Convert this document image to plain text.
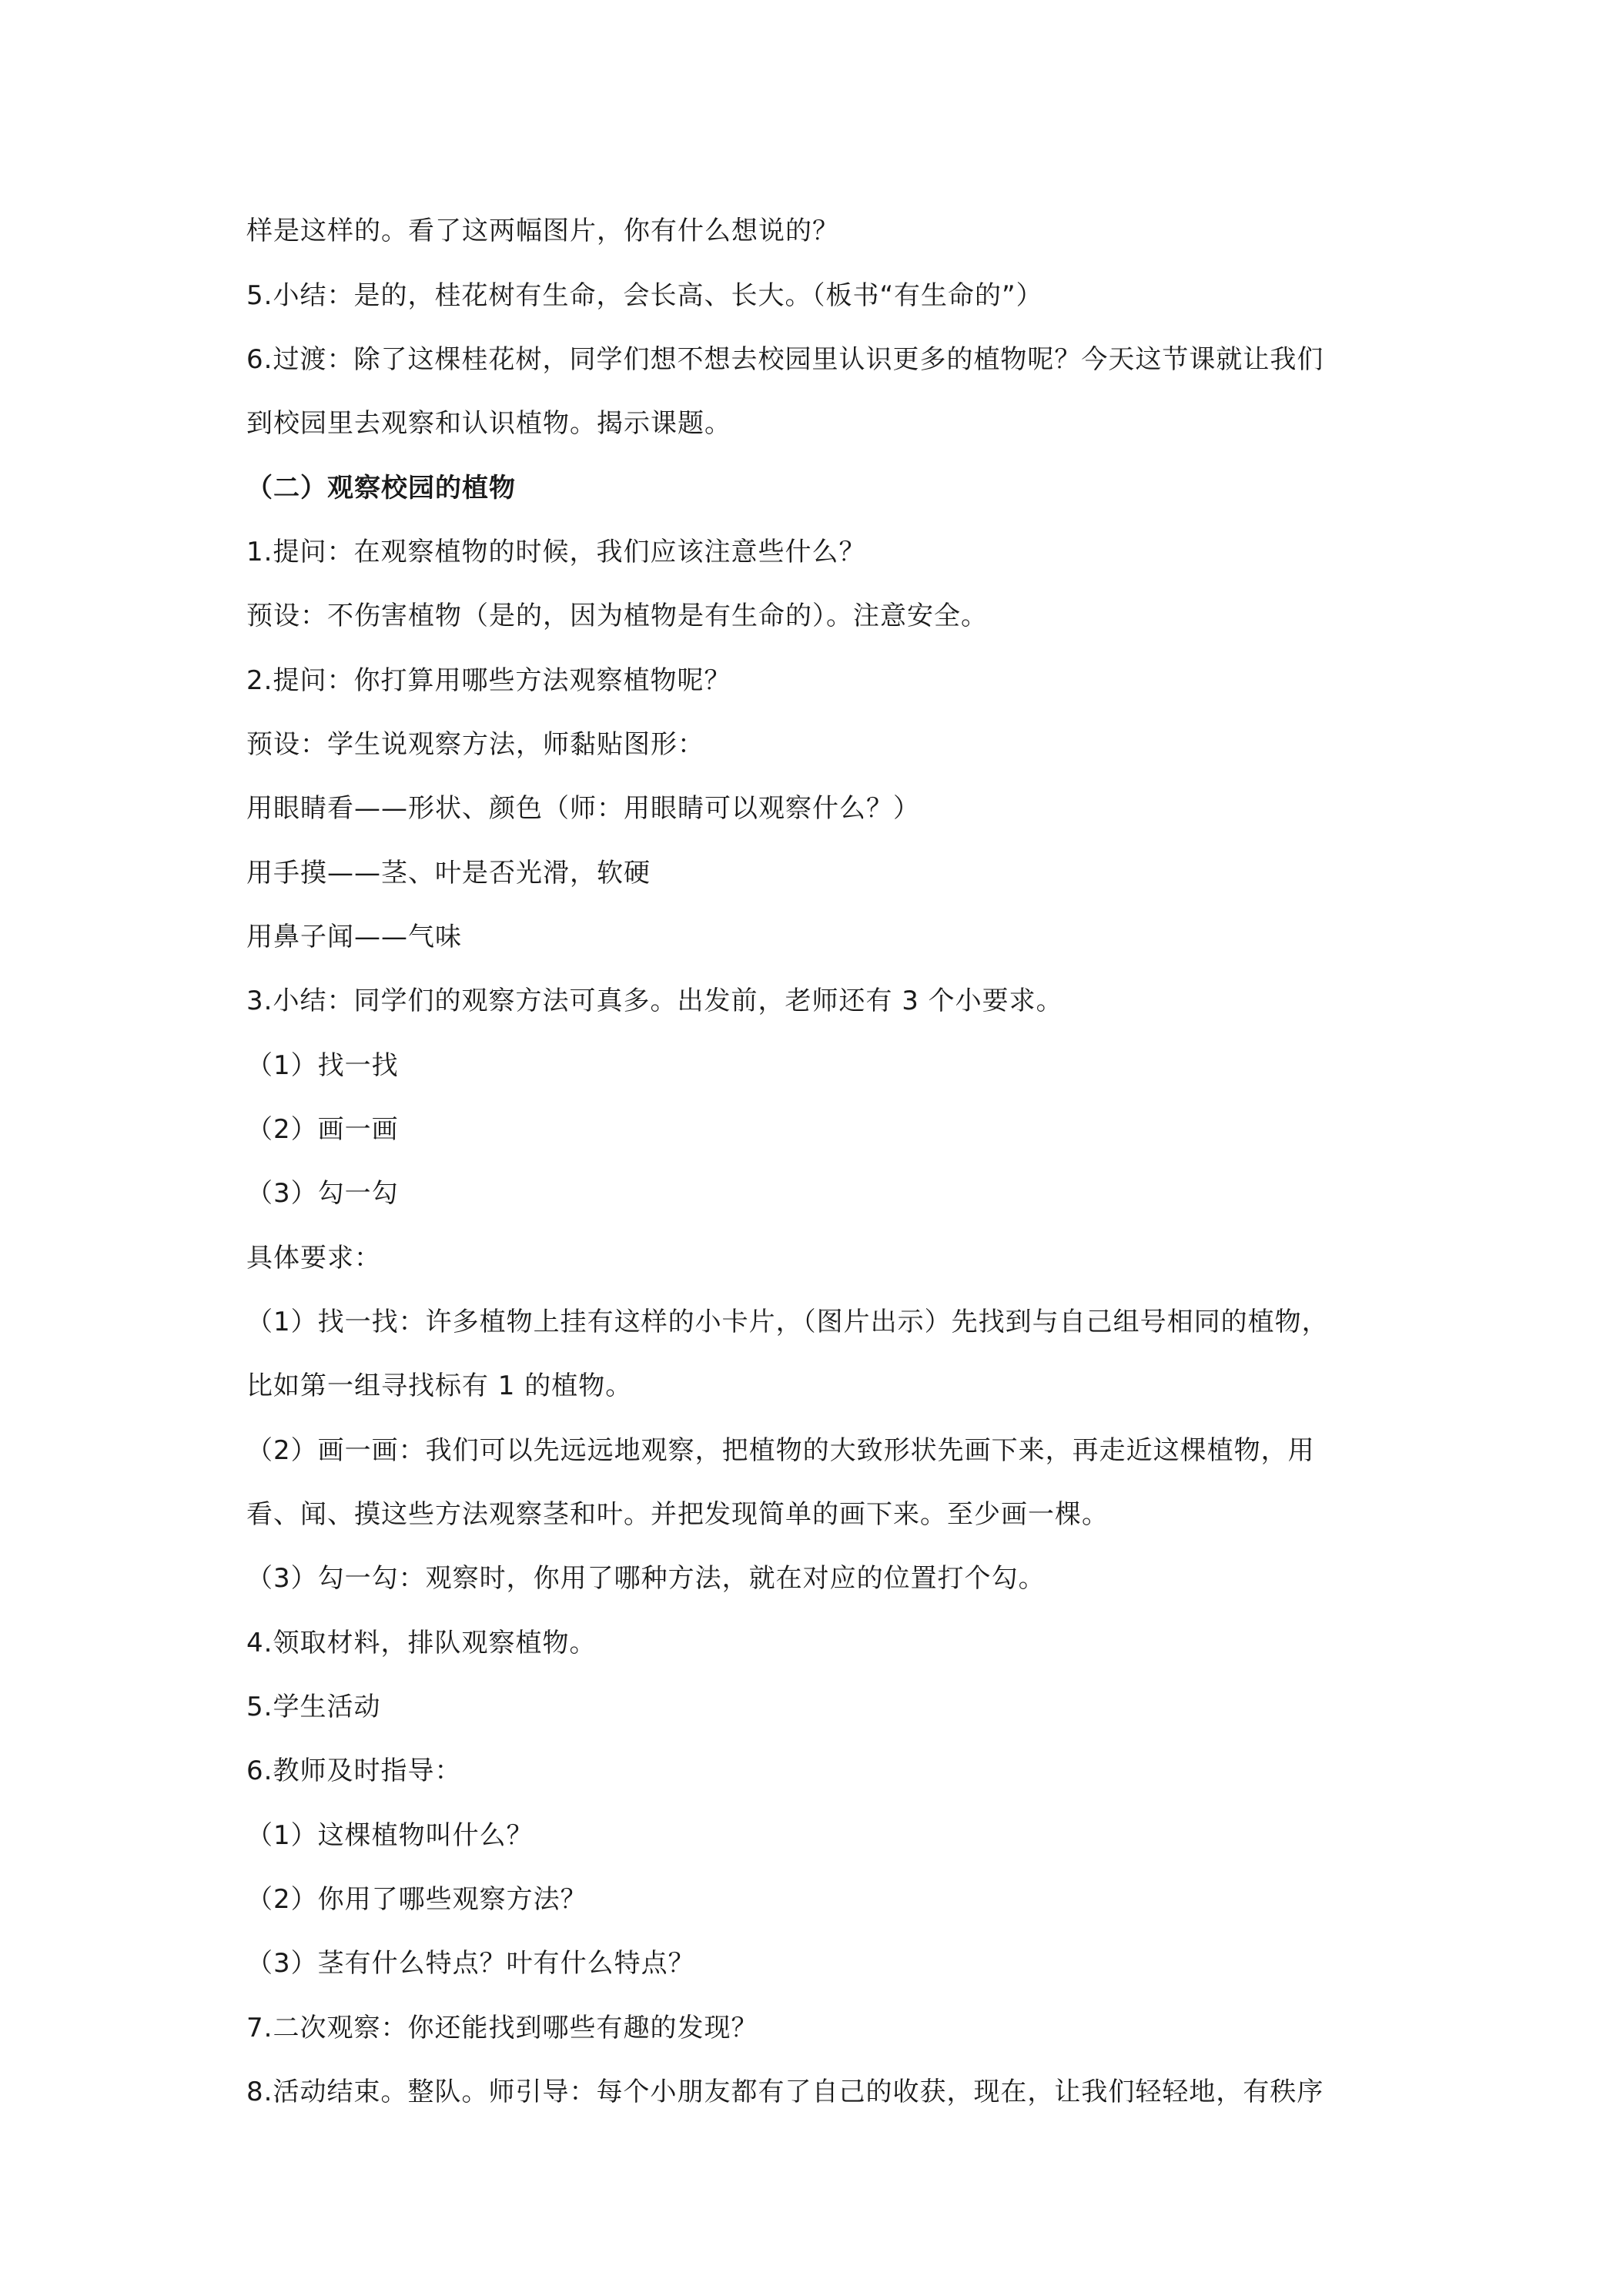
样是这样的。看了这两幅图片，你有什么想说的？
5.小结：是的，桂花树有生命，会长高、长大。（板书“有生命的”）
6.过渡：除了这棵桂花树，同学们想不想去校园里认识更多的植物呢？今天这节课就让我们
到校园里去观察和认识植物。揭示课题。
（二）观察校园的植物
1.提问：在观察植物的时候，我们应该注意些什么？
预设：不伤害植物（是的，因为植物是有生命的）。注意安全。
2.提问：你打算用哪些方法观察植物呢？
预设：学生说观察方法，师黏贴图形：
用眼睛看——形状、颜色（师：用眼睛可以观察什么？）
用手摸——茎、叶是否光滑，软硬
用鼻子闻——气味
3.小结：同学们的观察方法可真多。出发前，老师还有 3 个小要求。
（1）找一找
（2）画一画
（3）勾一勾
具体要求：
（1）找一找：许多植物上挂有这样的小卡片，（图片出示）先找到与自己组号相同的植物，
比如第一组寻找标有 1 的植物。
（2）画一画：我们可以先远远地观察，把植物的大致形状先画下来，再走近这棵植物，用
看、闻、摸这些方法观察茎和叶。并把发现简单的画下来。至少画一棵。
（3）勾一勾：观察时，你用了哪种方法，就在对应的位置打个勾。
4.领取材料，排队观察植物。
5.学生活动
6.教师及时指导：
（1）这棵植物叫什么？
（2）你用了哪些观察方法？
（3）茎有什么特点？叶有什么特点？
7.二次观察：你还能找到哪些有趣的发现？
8.活动结束。整队。师引导：每个小朋友都有了自己的收获，现在，让我们轻轻地，有秩序
